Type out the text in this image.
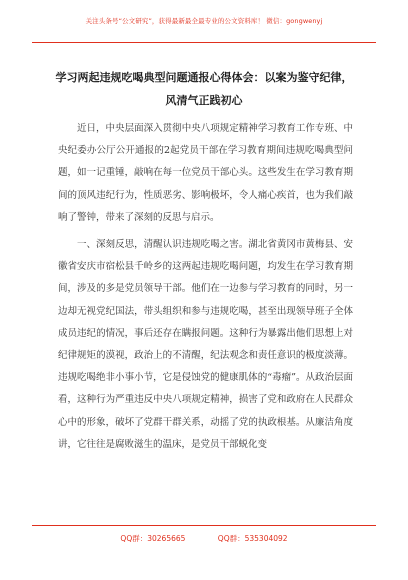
关注头条号“公文研究”，获得最新最全最专业的公文资料库！ 微信：gongwenyj
学习两起违规吃喝典型问题通报心得体会：以案为鉴守纪律，风清气正践初心

近日，中央层面深入贯彻中央八项规定精神学习教育工作专班、中央纪委办公厅公开通报的2起党员干部在学习教育期间违规吃喝典型问题，如一记重锤，敲响在每一位党员干部心头。这些发生在学习教育期间的顶风违纪行为，性质恶劣、影响极坏，令人痛心疾首，也为我们敲响了警钟，带来了深刻的反思与启示。

一、深刻反思，清醒认识违规吃喝之害。湖北省黄冈市黄梅县、安徽省安庆市宿松县千岭乡的这两起违规吃喝问题，均发生在学习教育期间，涉及的多是党员领导干部。他们在一边参与学习教育的同时，另一边却无视党纪国法，带头组织和参与违规吃喝，甚至出现领导班子全体成员违纪的情况，事后还存在瞒报问题。这种行为暴露出他们思想上对纪律规矩的漠视，政治上的不清醒，纪法观念和责任意识的极度淡薄。违规吃喝绝非小事小节，它是侵蚀党的健康肌体的“毒瘤”。从政治层面看，这种行为严重违反中央八项规定精神，损害了党和政府在人民群众心中的形象，破坏了党群干群关系，动摇了党的执政根基。从廉洁角度讲，它往往是腐败滋生的温床，是党员干部蜕化变

QQ群：30265665	QQ群：535304092
